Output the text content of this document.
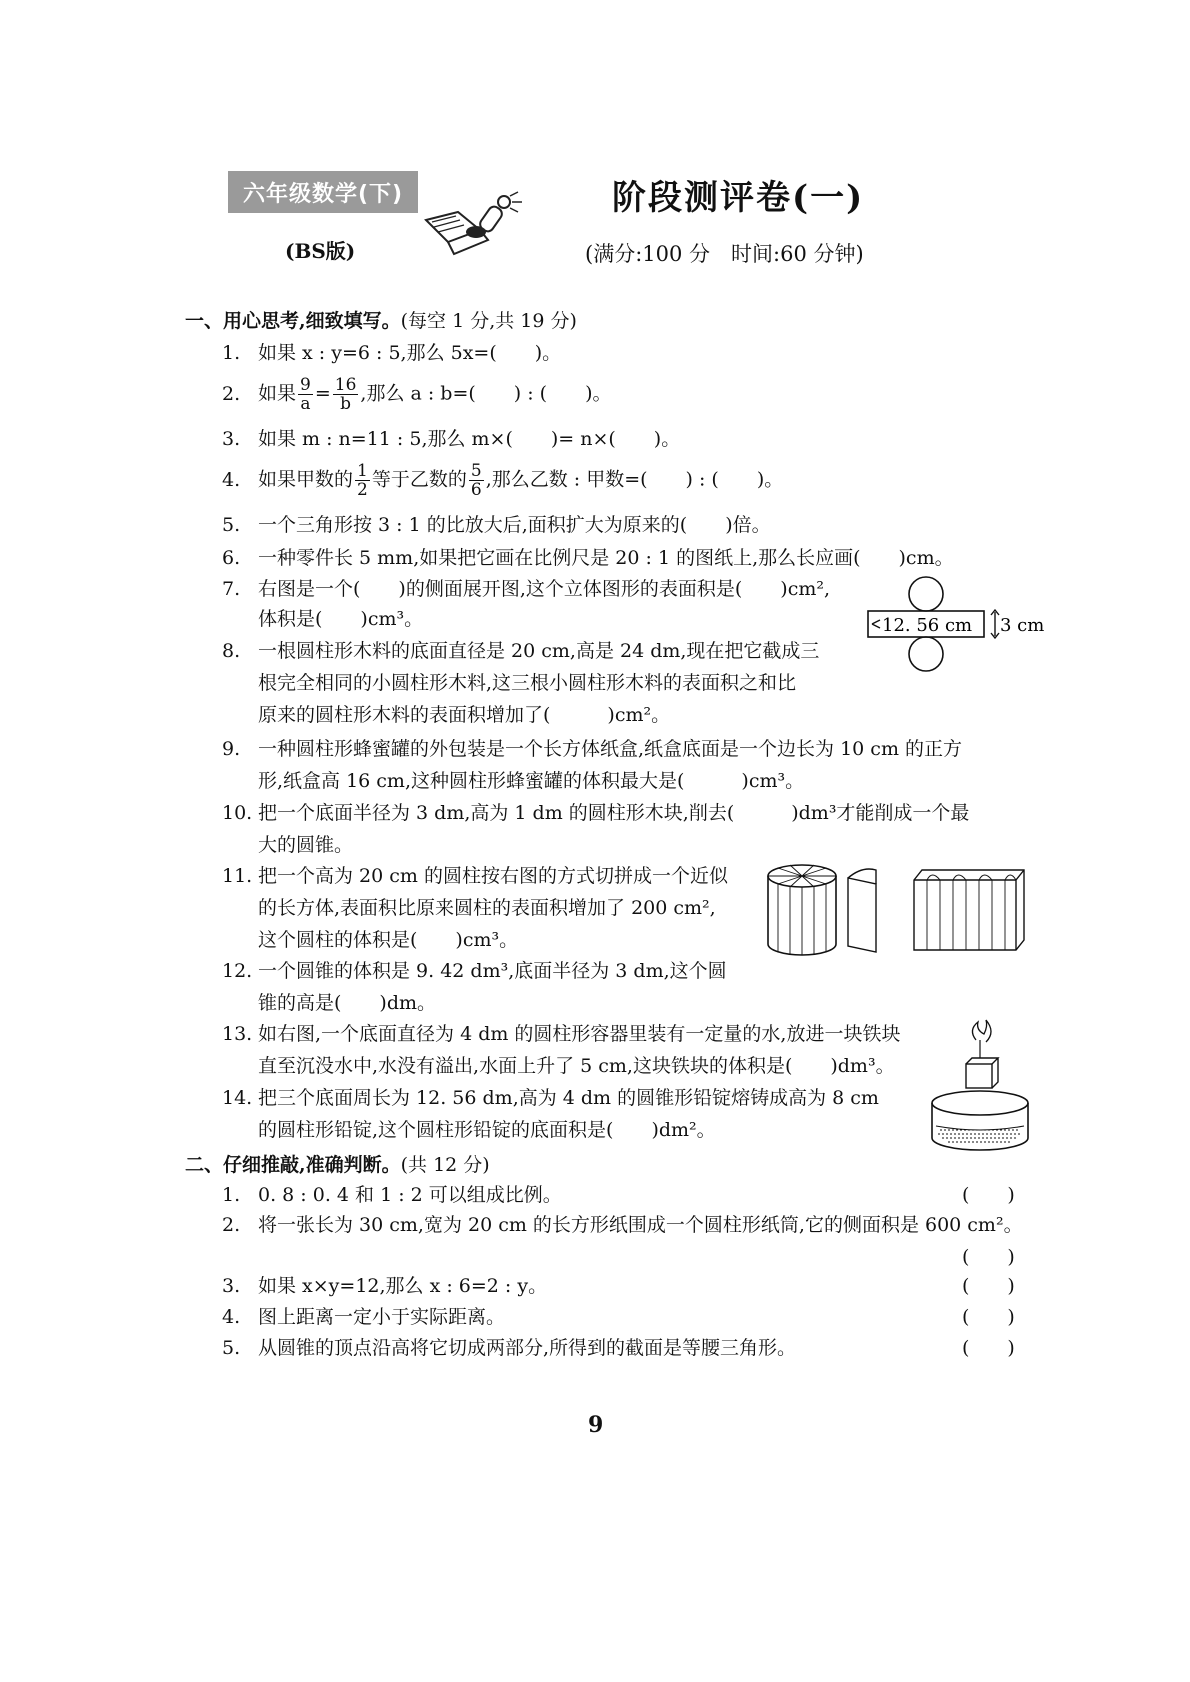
六年级数学(下)
(BS版)
阶段测评卷(一)
(满分:100 分　时间:60 分钟)
一、用心思考,细致填写。(每空 1 分,共 19 分)
1. 如果 x : y=6 : 5,那么 5x=(　　)。
2. 如果 $\frac{9}{a} = \frac{16}{b}$ ,那么 a : b=(　　) : (　　)。
3. 如果 m : n=11 : 5,那么 m×(　　)= n×(　　)。
4. 如果甲数的 $\frac{1}{2}$ 等于乙数的 $\frac{5}{6}$ ,那么乙数 : 甲数=(　　) : (　　)。
5. 一个三角形按 3 : 1 的比放大后,面积扩大为原来的(　　)倍。
6. 一种零件长 5 mm,如果把它画在比例尺是 20 : 1 的图纸上,那么长应画(　　)cm。
7. 右图是一个(　　)的侧面展开图,这个立体图形的表面积是(　　)cm²,
体积是(　　)cm³。	12. 56 cm 3 cm
8. 一根圆柱形木料的底面直径是 20 cm,高是 24 dm,现在把它截成三
根完全相同的小圆柱形木料,这三根小圆柱形木料的表面积之和比
原来的圆柱形木料的表面积增加了(　　　)cm²。
9. 一种圆柱形蜂蜜罐的外包装是一个长方体纸盒,纸盒底面是一个边长为 10 cm 的正方
形,纸盒高 16 cm,这种圆柱形蜂蜜罐的体积最大是(　　　)cm³。
10. 把一个底面半径为 3 dm,高为 1 dm 的圆柱形木块,削去(　　　)dm³才能削成一个最
大的圆锥。
11. 把一个高为 20 cm 的圆柱按右图的方式切拼成一个近似
的长方体,表面积比原来圆柱的表面积增加了 200 cm²,
这个圆柱的体积是(　　)cm³。
12. 一个圆锥的体积是 9. 42 dm³,底面半径为 3 dm,这个圆
锥的高是(　　)dm。
13. 如右图,一个底面直径为 4 dm 的圆柱形容器里装有一定量的水,放进一块铁块
直至沉没水中,水没有溢出,水面上升了 5 cm,这块铁块的体积是(　　)dm³。
14. 把三个底面周长为 12. 56 dm,高为 4 dm 的圆锥形铅锭熔铸成高为 8 cm
的圆柱形铅锭,这个圆柱形铅锭的底面积是(　　)dm²。
二、仔细推敲,准确判断。(共 12 分)
1. 0. 8 : 0. 4 和 1 : 2 可以组成比例。	(　　)
2. 将一张长为 30 cm,宽为 20 cm 的长方形纸围成一个圆柱形纸筒,它的侧面积是 600 cm²。
(　　)
3. 如果 x×y=12,那么 x : 6=2 : y。	(　　)
4. 图上距离一定小于实际距离。	(　　)
5. 从圆锥的顶点沿高将它切成两部分,所得到的截面是等腰三角形。	(　　)
9
